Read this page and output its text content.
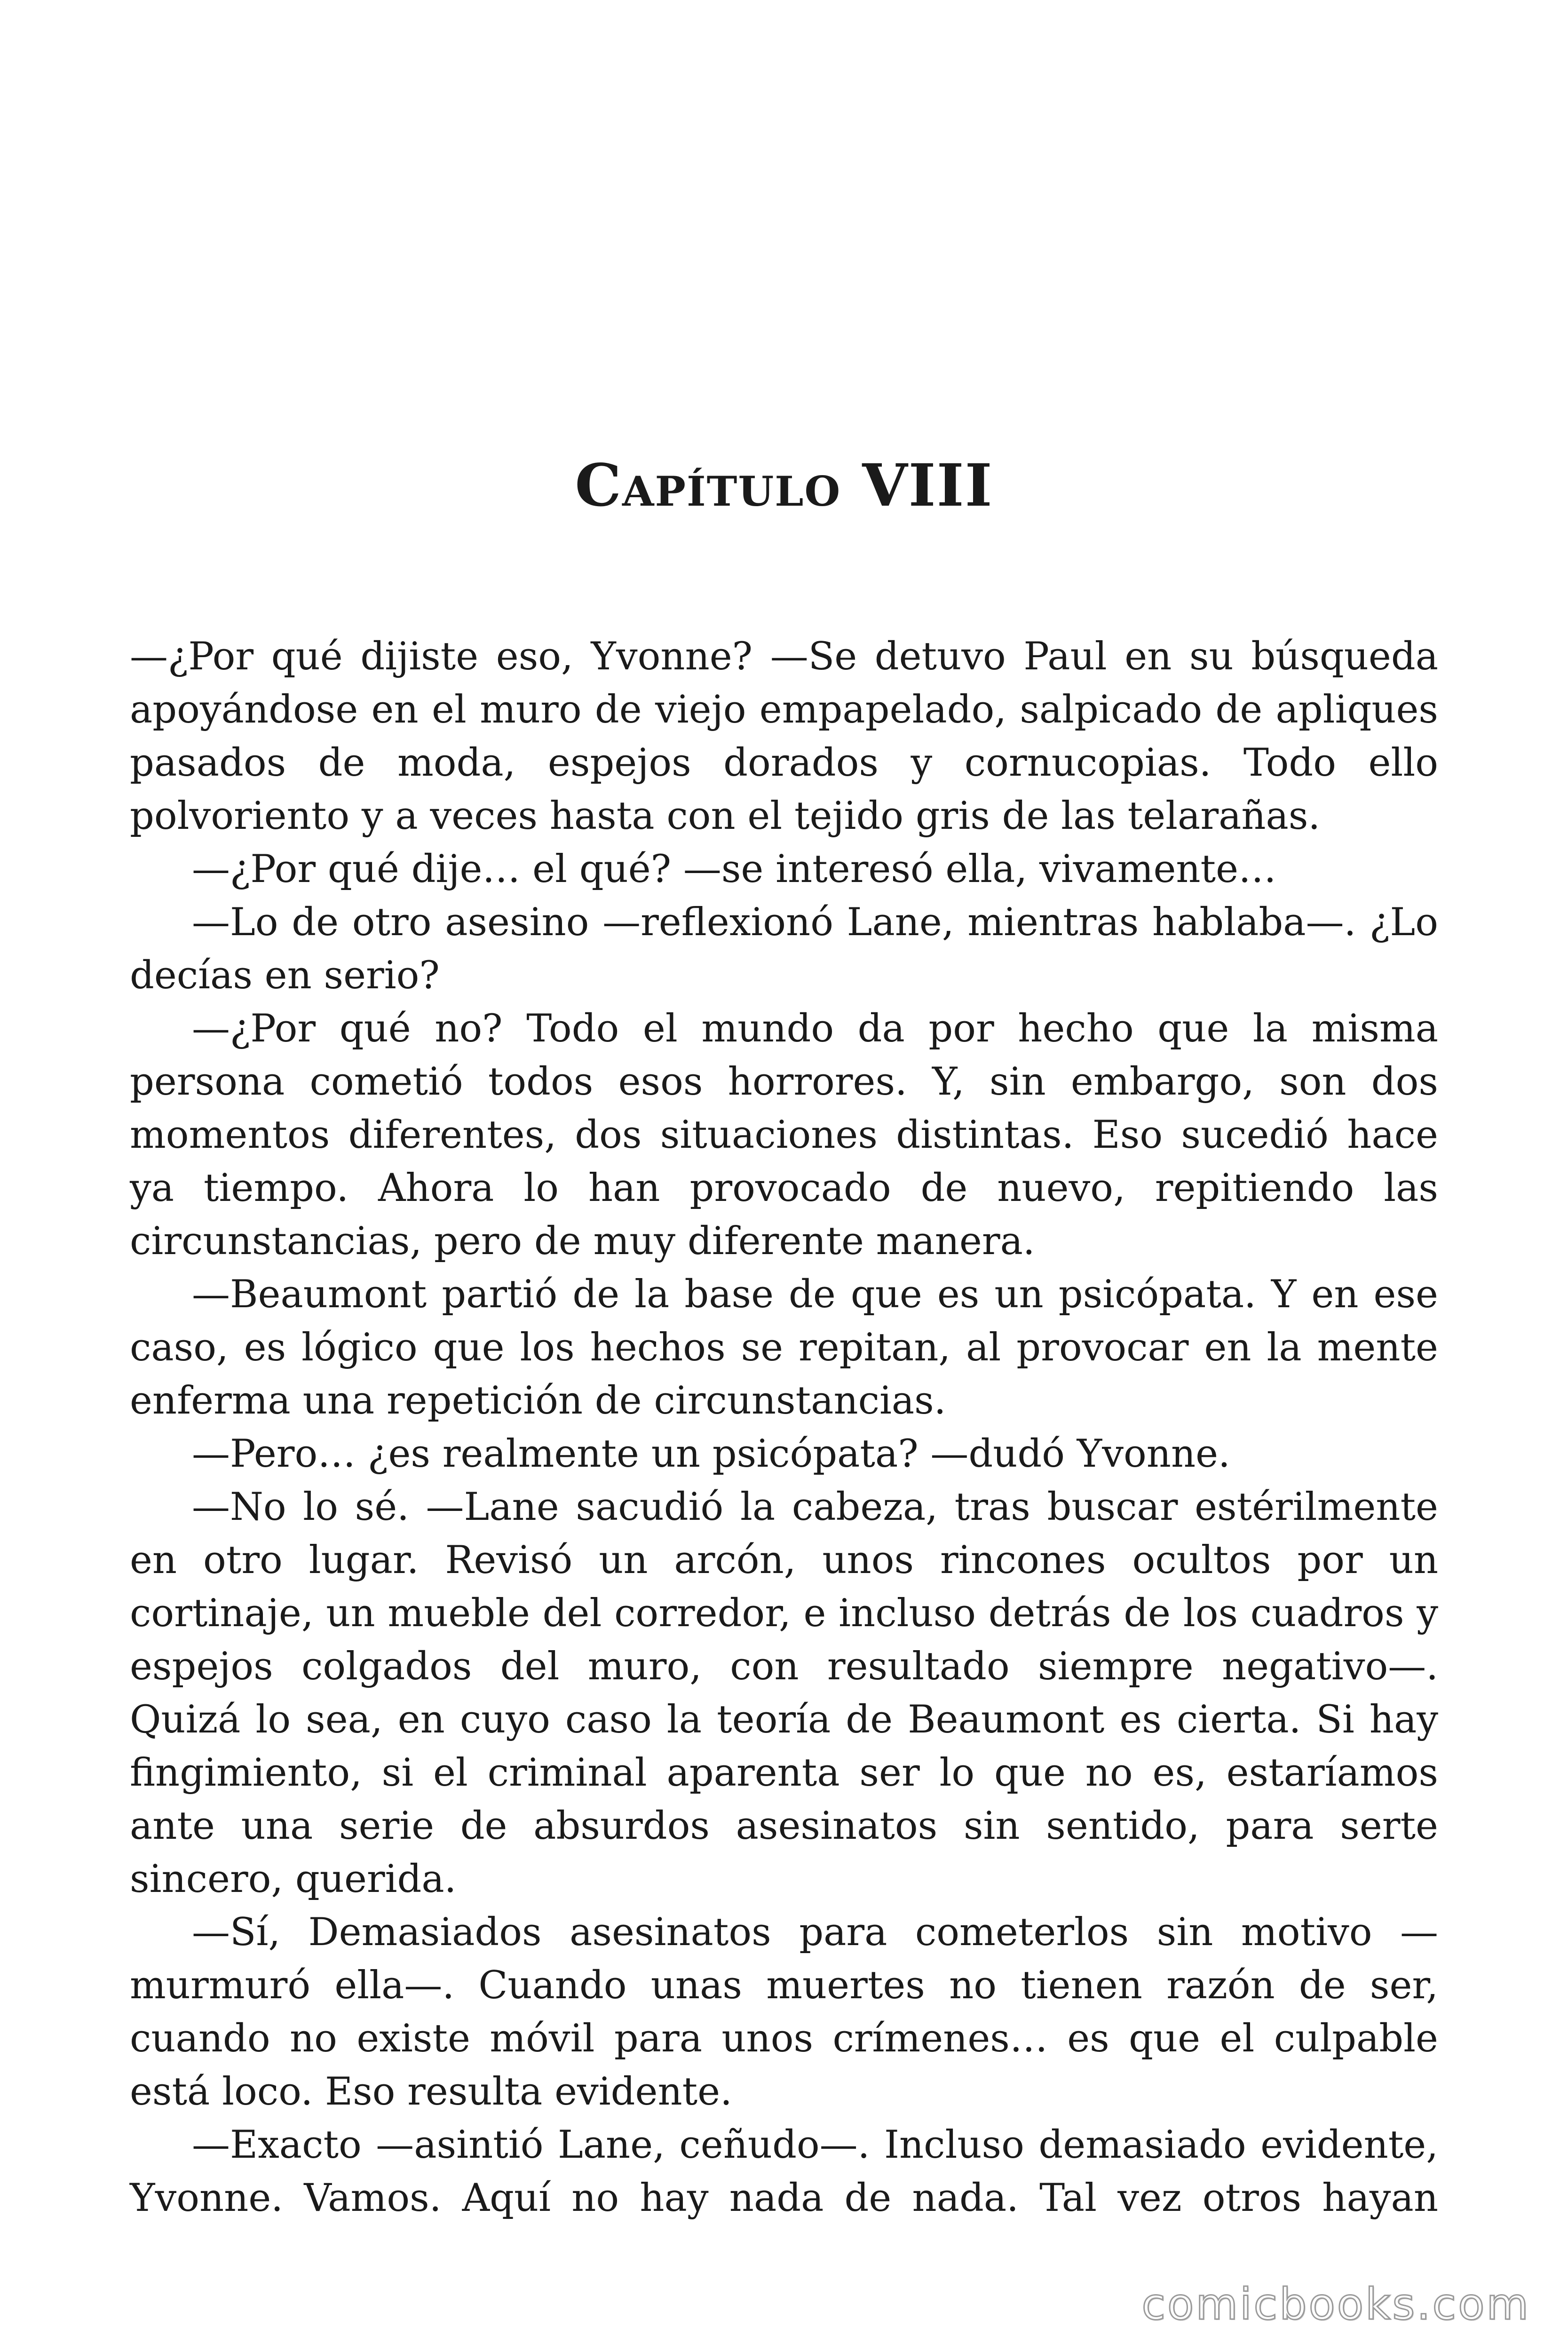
Capítulo VIII

—¿Por qué dijiste eso, Yvonne? —Se detuvo Paul en su búsqueda apoyándose en el muro de viejo empapelado, salpicado de apliques pasados de moda, espejos dorados y cornucopias. Todo ello polvoriento y a veces hasta con el tejido gris de las telarañas.

—¿Por qué dije… el qué? —se interesó ella, vivamente…

—Lo de otro asesino —reflexionó Lane, mientras hablaba—. ¿Lo decías en serio?

—¿Por qué no? Todo el mundo da por hecho que la misma persona cometió todos esos horrores. Y, sin embargo, son dos momentos diferentes, dos situaciones distintas. Eso sucedió hace ya tiempo. Ahora lo han provocado de nuevo, repitiendo las circunstancias, pero de muy diferente manera.

—Beaumont partió de la base de que es un psicópata. Y en ese caso, es lógico que los hechos se repitan, al provocar en la mente enferma una repetición de circunstancias.

—Pero… ¿es realmente un psicópata? —dudó Yvonne.

—No lo sé. —Lane sacudió la cabeza, tras buscar estérilmente en otro lugar. Revisó un arcón, unos rincones ocultos por un cortinaje, un mueble del corredor, e incluso detrás de los cuadros y espejos colgados del muro, con resultado siempre negativo—. Quizá lo sea, en cuyo caso la teoría de Beaumont es cierta. Si hay fingimiento, si el criminal aparenta ser lo que no es, estaríamos ante una serie de absurdos asesinatos sin sentido, para serte sincero, querida.

—Sí, Demasiados asesinatos para cometerlos sin motivo —murmuró ella—. Cuando unas muertes no tienen razón de ser, cuando no existe móvil para unos crímenes… es que el culpable está loco. Eso resulta evidente.

—Exacto —asintió Lane, ceñudo—. Incluso demasiado evidente, Yvonne. Vamos. Aquí no hay nada de nada. Tal vez otros hayan

comicbooks.com
